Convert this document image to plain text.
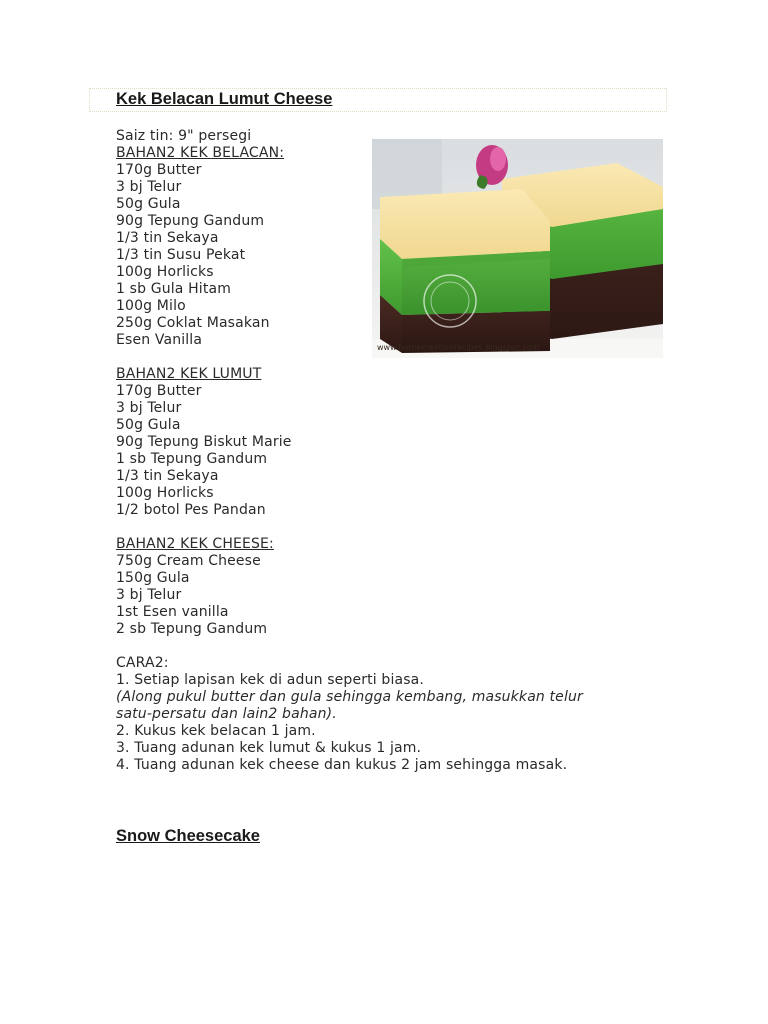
Kek Belacan Lumut Cheese
Saiz tin: 9" persegi
BAHAN2 KEK BELACAN:
170g Butter
3 bj Telur
50g Gula
90g Tepung Gandum
1/3 tin Sekaya
1/3 tin Susu Pekat
100g Horlicks
1 sb Gula Hitam
100g Milo
250g Coklat Masakan
Esen Vanilla
BAHAN2 KEK LUMUT
170g Butter
3 bj Telur
50g Gula
90g Tepung Biskut Marie
1 sb Tepung Gandum
1/3 tin Sekaya
100g Horlicks
1/2 botol Pes Pandan
BAHAN2 KEK CHEESE:
750g Cream Cheese
150g Gula
3 bj Telur
1st Esen vanilla
2 sb Tepung Gandum
CARA2:
1. Setiap lapisan kek di adun seperti biasa.
(Along pukul butter dan gula sehingga kembang, masukkan telur
satu-persatu dan lain2 bahan).
2. Kukus kek belacan 1 jam.
3. Tuang adunan kek lumut & kukus 1 jam.
4. Tuang adunan kek cheese dan kukus 2 jam sehingga masak.
www.homekreationrecipes.blogspot.com
Snow Cheesecake
